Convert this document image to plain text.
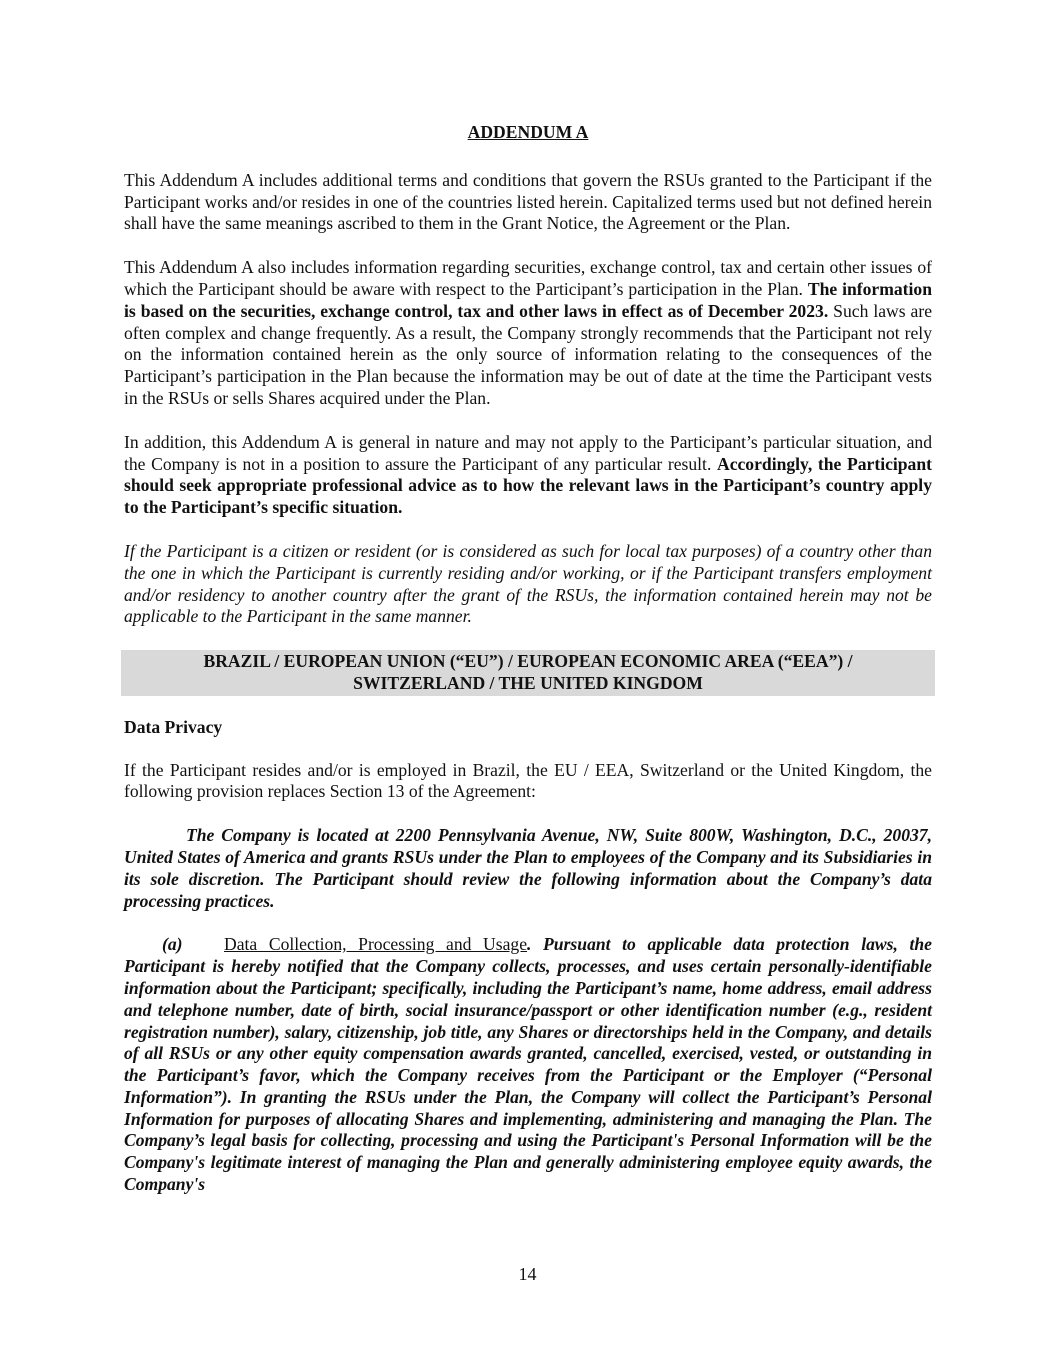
ADDENDUM A

This Addendum A includes additional terms and conditions that govern the RSUs granted to the Participant if the Participant works and/or resides in one of the countries listed herein. Capitalized terms used but not defined herein shall have the same meanings ascribed to them in the Grant Notice, the Agreement or the Plan.

This Addendum A also includes information regarding securities, exchange control, tax and certain other issues of which the Participant should be aware with respect to the Participant’s participation in the Plan. The information is based on the securities, exchange control, tax and other laws in effect as of December 2023. Such laws are often complex and change frequently. As a result, the Company strongly recommends that the Participant not rely on the information contained herein as the only source of information relating to the consequences of the Participant’s participation in the Plan because the information may be out of date at the time the Participant vests in the RSUs or sells Shares acquired under the Plan.

In addition, this Addendum A is general in nature and may not apply to the Participant’s particular situation, and the Company is not in a position to assure the Participant of any particular result. Accordingly, the Participant should seek appropriate professional advice as to how the relevant laws in the Participant’s country apply to the Participant’s specific situation.

If the Participant is a citizen or resident (or is considered as such for local tax purposes) of a country other than the one in which the Participant is currently residing and/or working, or if the Participant transfers employment and/or residency to another country after the grant of the RSUs, the information contained herein may not be applicable to the Participant in the same manner.

BRAZIL / EUROPEAN UNION (“EU”) / EUROPEAN ECONOMIC AREA (“EEA”) /
SWITZERLAND / THE UNITED KINGDOM
Data Privacy

If the Participant resides and/or is employed in Brazil, the EU / EEA, Switzerland or the United Kingdom, the following provision replaces Section 13 of the Agreement:

The Company is located at 2200 Pennsylvania Avenue, NW, Suite 800W, Washington, D.C., 20037, United States of America and grants RSUs under the Plan to employees of the Company and its Subsidiaries in its sole discretion. The Participant should review the following information about the Company’s data processing practices.

(a) Data Collection, Processing and Usage. Pursuant to applicable data protection laws, the Participant is hereby notified that the Company collects, processes, and uses certain personally-identifiable information about the Participant; specifically, including the Participant’s name, home address, email address and telephone number, date of birth, social insurance/passport or other identification number (e.g., resident registration number), salary, citizenship, job title, any Shares or directorships held in the Company, and details of all RSUs or any other equity compensation awards granted, cancelled, exercised, vested, or outstanding in the Participant’s favor, which the Company receives from the Participant or the Employer (“Personal Information”). In granting the RSUs under the Plan, the Company will collect the Participant’s Personal Information for purposes of allocating Shares and implementing, administering and managing the Plan. The Company’s legal basis for collecting, processing and using the Participant's Personal Information will be the Company's legitimate interest of managing the Plan and generally administering employee equity awards, the Company's

14
